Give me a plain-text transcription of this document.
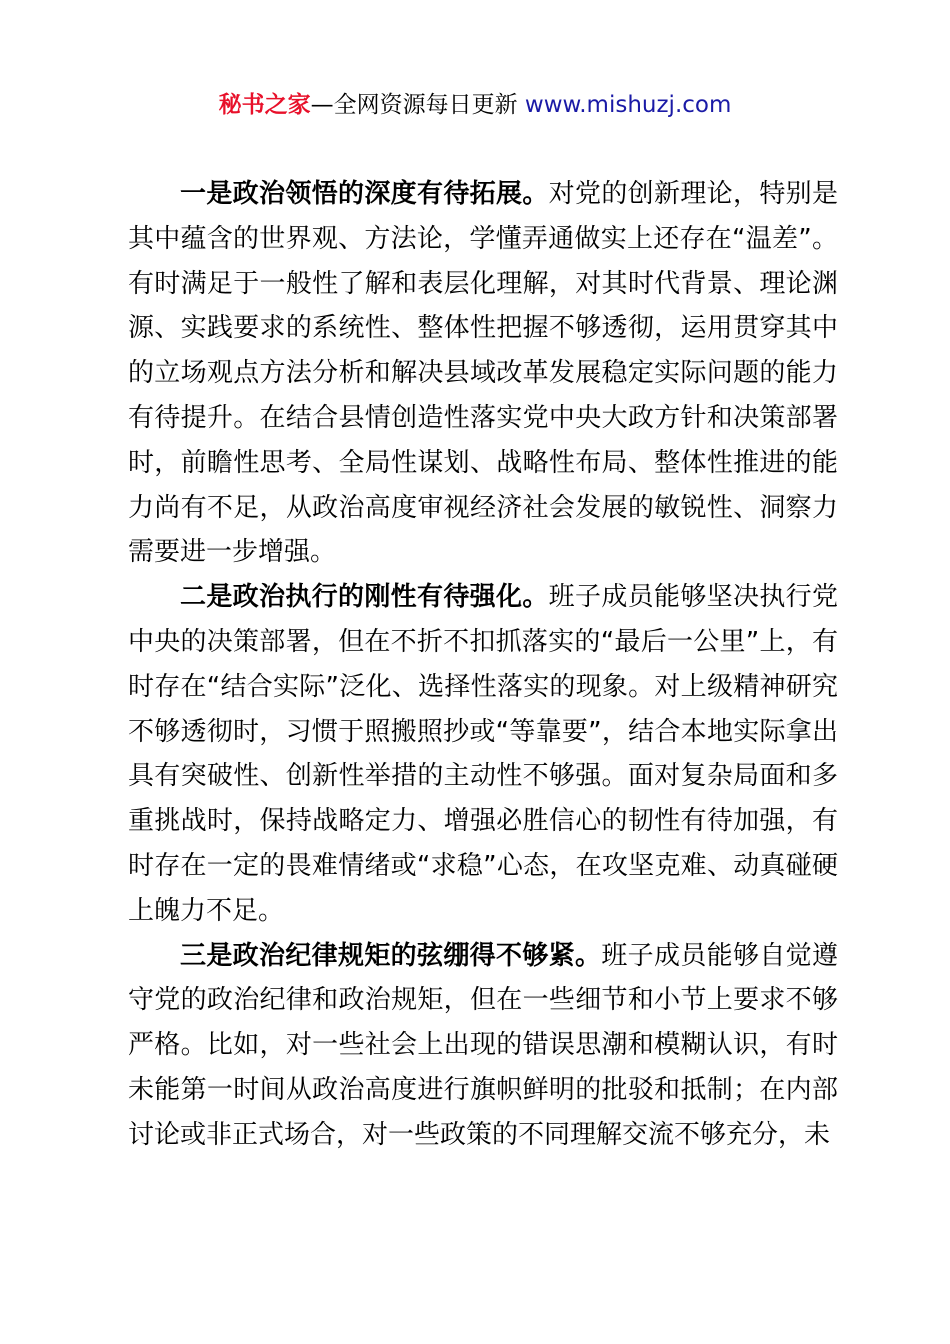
秘书之家—全网资源每日更新 www.mishuzj.com

一是政治领悟的深度有待拓展。对党的创新理论，特别是其中蕴含的世界观、方法论，学懂弄通做实上还存在“温差”。有时满足于一般性了解和表层化理解，对其时代背景、理论渊源、实践要求的系统性、整体性把握不够透彻，运用贯穿其中的立场观点方法分析和解决县域改革发展稳定实际问题的能力有待提升。在结合县情创造性落实党中央大政方针和决策部署时，前瞻性思考、全局性谋划、战略性布局、整体性推进的能力尚有不足，从政治高度审视经济社会发展的敏锐性、洞察力需要进一步增强。

二是政治执行的刚性有待强化。班子成员能够坚决执行党中央的决策部署，但在不折不扣抓落实的“最后一公里”上，有时存在“结合实际”泛化、选择性落实的现象。对上级精神研究不够透彻时，习惯于照搬照抄或“等靠要”，结合本地实际拿出具有突破性、创新性举措的主动性不够强。面对复杂局面和多重挑战时，保持战略定力、增强必胜信心的韧性有待加强，有时存在一定的畏难情绪或“求稳”心态，在攻坚克难、动真碰硬上魄力不足。

三是政治纪律规矩的弦绷得不够紧。班子成员能够自觉遵守党的政治纪律和政治规矩，但在一些细节和小节上要求不够严格。比如，对一些社会上出现的错误思潮和模糊认识，有时未能第一时间从政治高度进行旗帜鲜明的批驳和抵制；在内部讨论或非正式场合，对一些政策的不同理解交流不够充分，未
